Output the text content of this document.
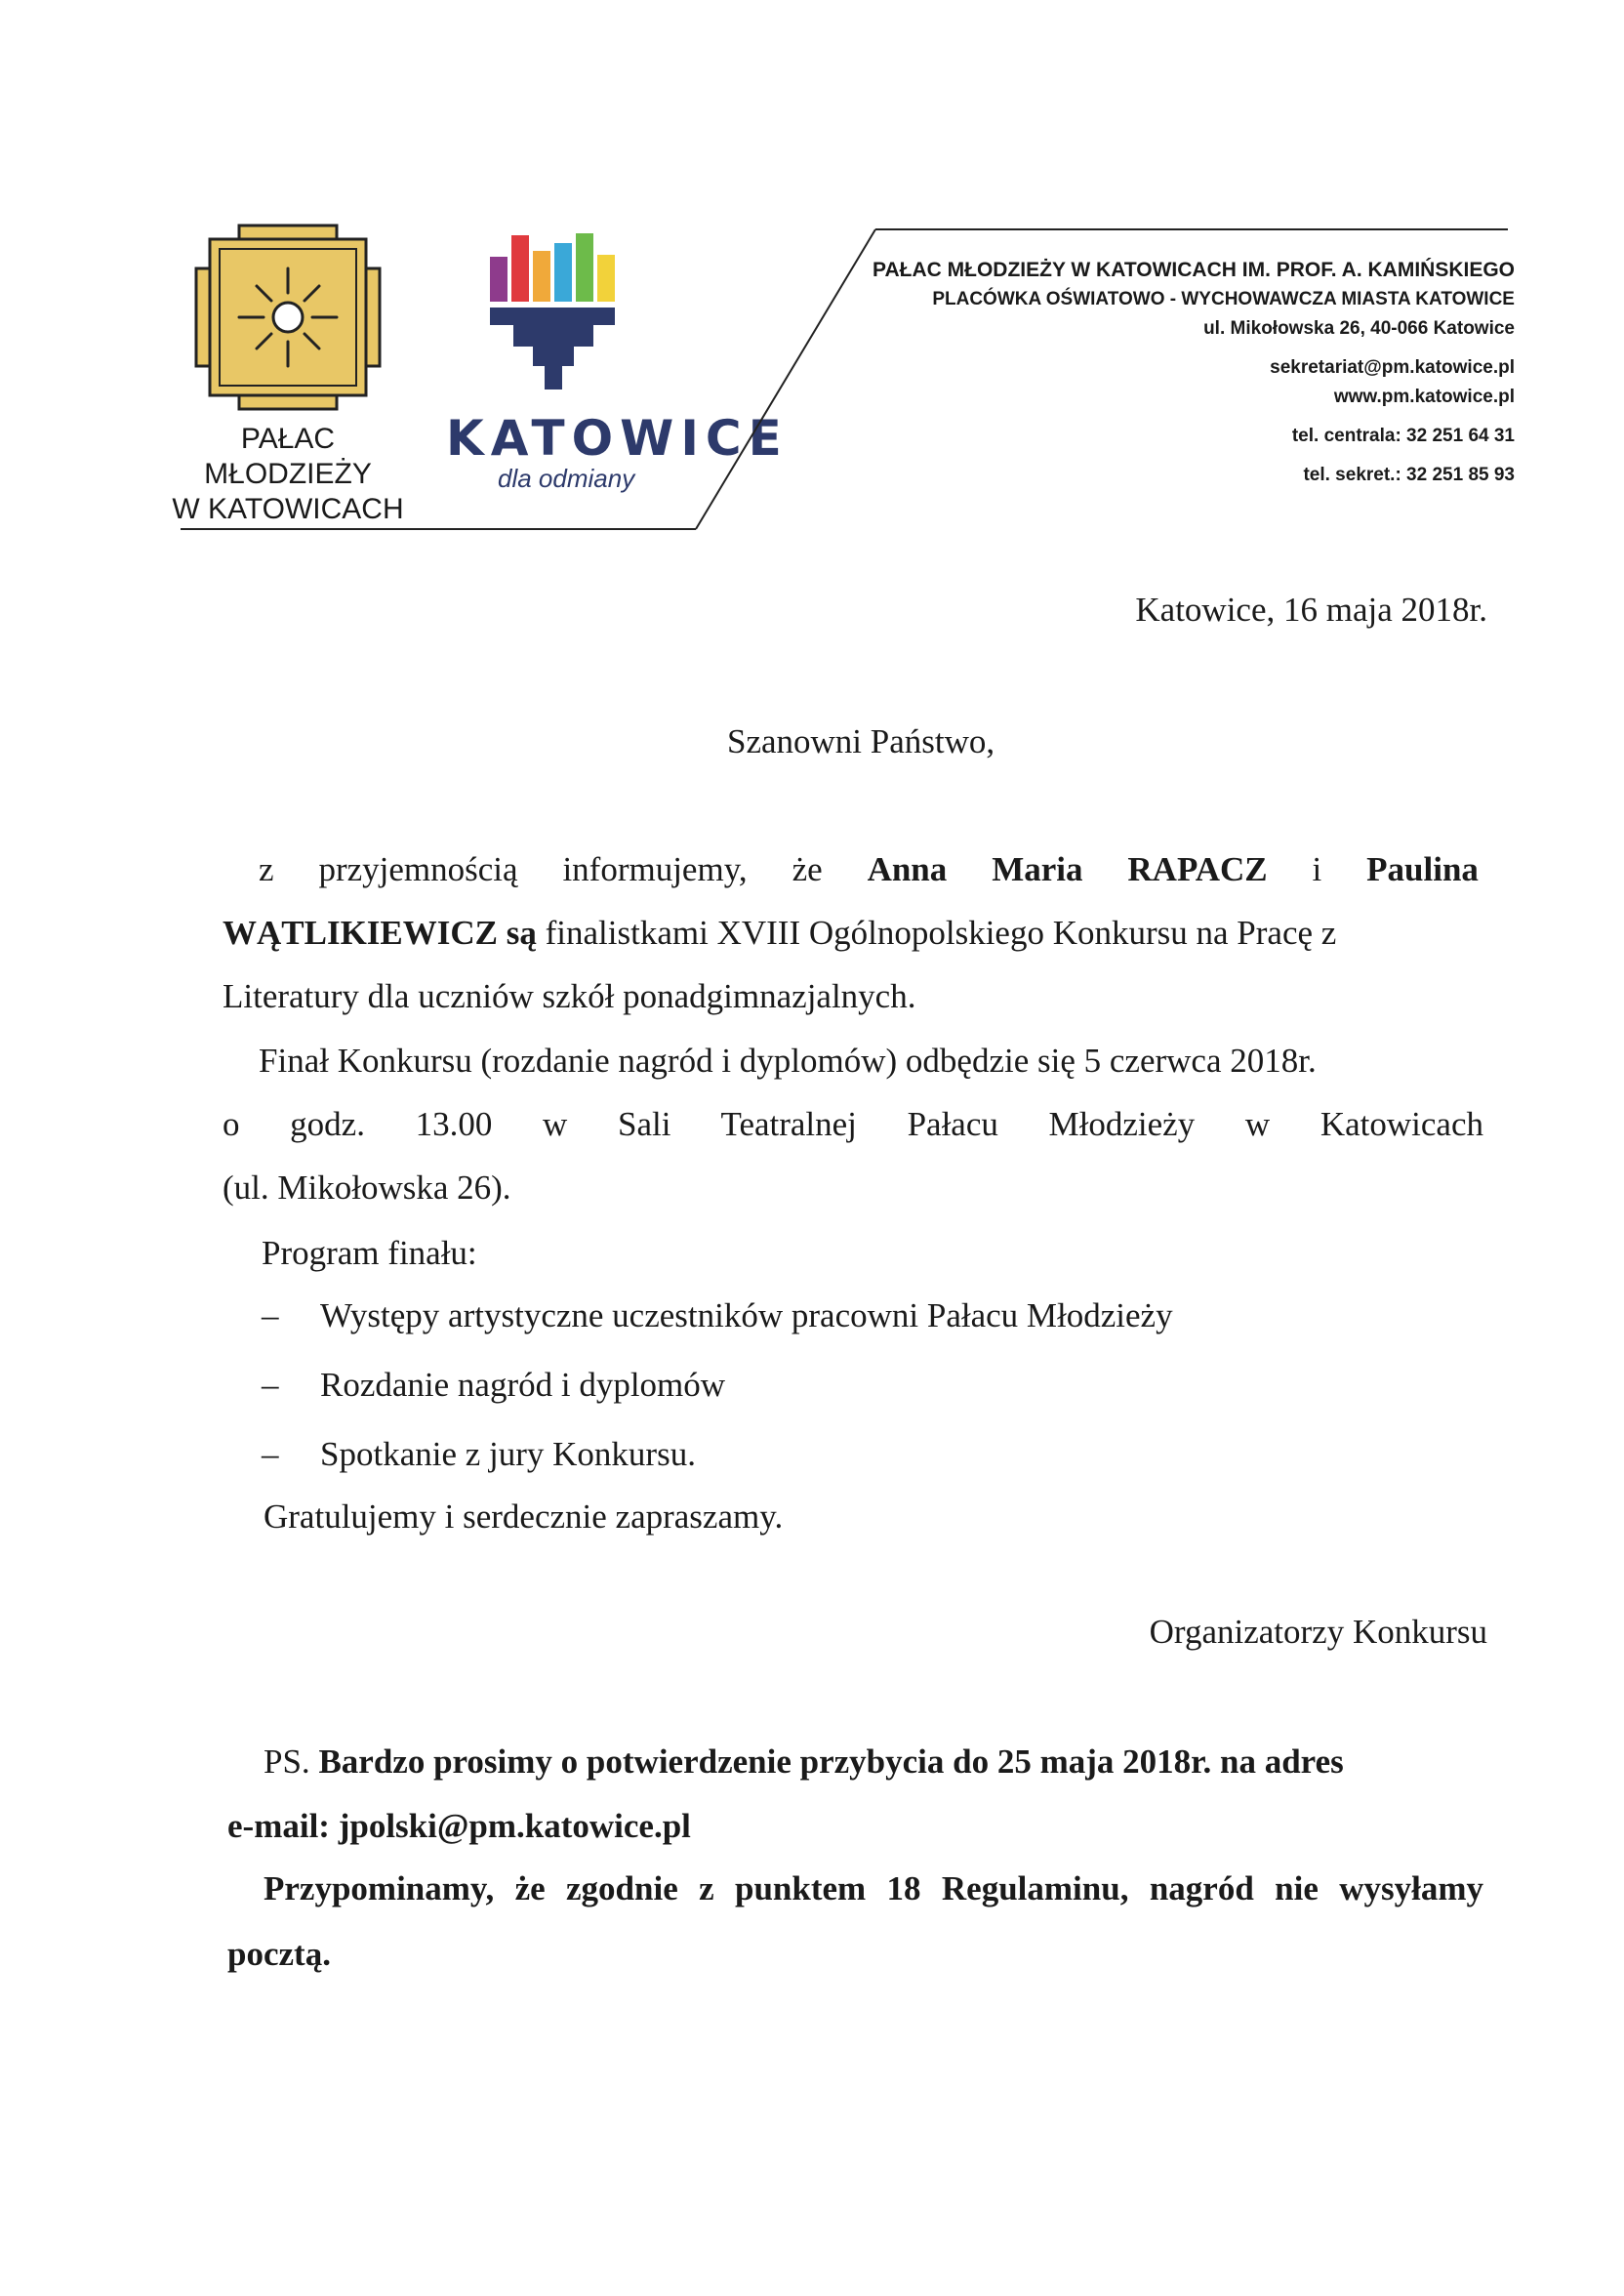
PAŁAC MŁODZIEŻY
W KATOWICACH
KATOWICE
dla odmiany
PAŁAC MŁODZIEŻY W KATOWICACH IM. PROF. A. KAMIŃSKIEGO
PLACÓWKA OŚWIATOWO - WYCHOWAWCZA MIASTA KATOWICE
ul. Mikołowska 26, 40-066 Katowice
sekretariat@pm.katowice.pl
www.pm.katowice.pl
tel. centrala: 32 251 64 31
tel. sekret.: 32 251 85 93
Katowice, 16 maja 2018r.
Szanowni Państwo,
z przyjemnością informujemy, że Anna Maria RAPACZ i Paulina
WĄTLIKIEWICZ są finalistkami XVIII Ogólnopolskiego Konkursu na Pracę z
Literatury dla uczniów szkół ponadgimnazjalnych.
Finał Konkursu (rozdanie nagród i dyplomów) odbędzie się 5 czerwca 2018r.
o godz. 13.00 w Sali Teatralnej Pałacu Młodzieży w Katowicach
(ul. Mikołowska 26).
Program finału:
– Występy artystyczne uczestników pracowni Pałacu Młodzieży
– Rozdanie nagród i dyplomów
– Spotkanie z jury Konkursu.
Gratulujemy i serdecznie zapraszamy.
Organizatorzy Konkursu
PS. Bardzo prosimy o potwierdzenie przybycia do 25 maja 2018r. na adres
e-mail: jpolski@pm.katowice.pl
Przypominamy, że zgodnie z punktem 18 Regulaminu, nagród nie wysyłamy
pocztą.
